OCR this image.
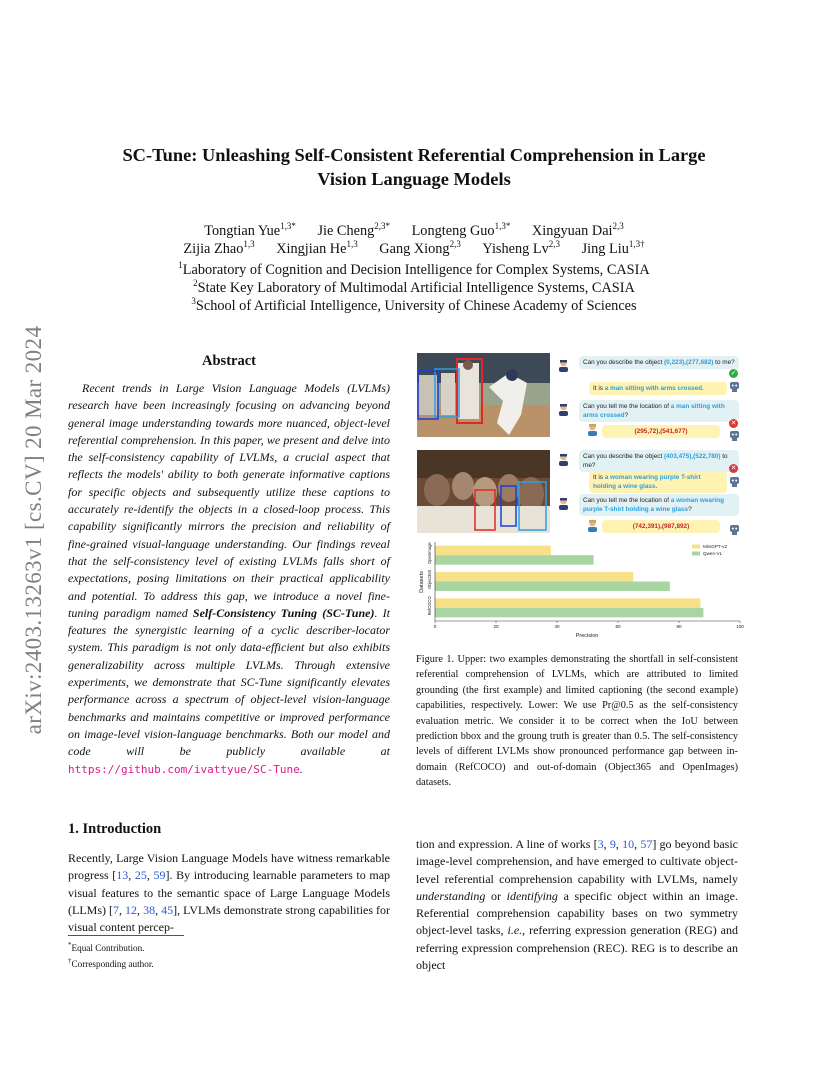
arXiv:2403.13263v1 [cs.CV] 20 Mar 2024
SC-Tune: Unleashing Self-Consistent Referential Comprehension in Large
Vision Language Models
Tongtian Yue$^{1,3*}$ Jie Cheng$^{2,3*}$ Longteng Guo$^{1,3*}$ Xingyuan Dai$^{2,3}$
Zijia Zhao$^{1,3}$ Xingjian He$^{1,3}$ Gang Xiong$^{2,3}$ Yisheng Lv$^{2,3}$ Jing Liu$^{1,3\dagger}$
$^1$Laboratory of Cognition and Decision Intelligence for Complex Systems, CASIA
$^2$State Key Laboratory of Multimodal Artificial Intelligence Systems, CASIA
$^3$School of Artificial Intelligence, University of Chinese Academy of Sciences
Abstract
Recent trends in Large Vision Language Models (LVLMs) research have been increasingly focusing on advancing beyond general image understanding towards more nuanced, object-level referential comprehension. In this paper, we present and delve into the self-consistency capability of LVLMs, a crucial aspect that reflects the models' ability to both generate informative captions for specific objects and subsequently utilize these captions to accurately re-identify the objects in a closed-loop process. This capability significantly mirrors the precision and reliability of fine-grained visual-language understanding. Our findings reveal that the self-consistency level of existing LVLMs falls short of expectations, posing limitations on their practical applicability and potential. To address this gap, we introduce a novel fine-tuning paradigm named Self-Consistency Tuning (SC-Tune). It features the synergistic learning of a cyclic describer-locator system. This paradigm is not only data-efficient but also exhibits generalizability across multiple LVLMs. Through extensive experiments, we demonstrate that SC-Tune significantly elevates performance across a spectrum of object-level vision-language benchmarks and maintains competitive or improved performance on image-level vision-language benchmarks. Both our model and code will be publicly available at https://github.com/ivattyue/SC-Tune.
1. Introduction
Recently, Large Vision Language Models have witness remarkable progress [13, 25, 59]. By introducing learnable parameters to map visual features to the semantic space of Large Language Models (LLMs) [7, 12, 38, 45], LVLMs demonstrate strong capabilities for visual content percep-
*Equal Contribution.
†Corresponding author.
tion and expression. A line of works [3, 9, 10, 57] go beyond basic image-level comprehension, and have emerged to cultivate object-level referential comprehension capability with LVLMs, namely understanding or identifying a specific object within an image. Referential comprehension capability bases on two symmetry object-level tasks, i.e., referring expression generation (REG) and referring expression comprehension (REC). REG is to describe an object
Figure 1. Upper: two examples demonstrating the shortfall in self-consistent referential comprehension of LVLMs, which are attributed to limited grounding (the first example) and limited captioning (the second example) capabilities, respectively. Lower: We use Pr@0.5 as the self-consistency evaluation metric. We consider it to be correct when the IoU between prediction bbox and the groung truth is greater than 0.5. The self-consistency levels of different LVLMs show pronounced performance gap between in-domain (RefCOCO) and out-of-domain (Object365 and OpenImages) datasets.
Can you describe the object (0,223),(277,682) to me?
It is a man sitting with arms crossed.
✓
Can you tell me the location of a man sitting with arms crossed?
(295,72),(541,677)
✕
Can you describe the object (403,475),(522,780) to me?
It is a woman wearing purple T-shirt holding a wine glass.
✕
Can you tell me the location of a woman wearing purple T-shirt holding a wine glass?
(742,391),(987,892)
OpenImage
Object365
RefCOCO
0	20	40	60	80	100
Precision
Datasets
MiniGPT-v2
Qwen-VL
